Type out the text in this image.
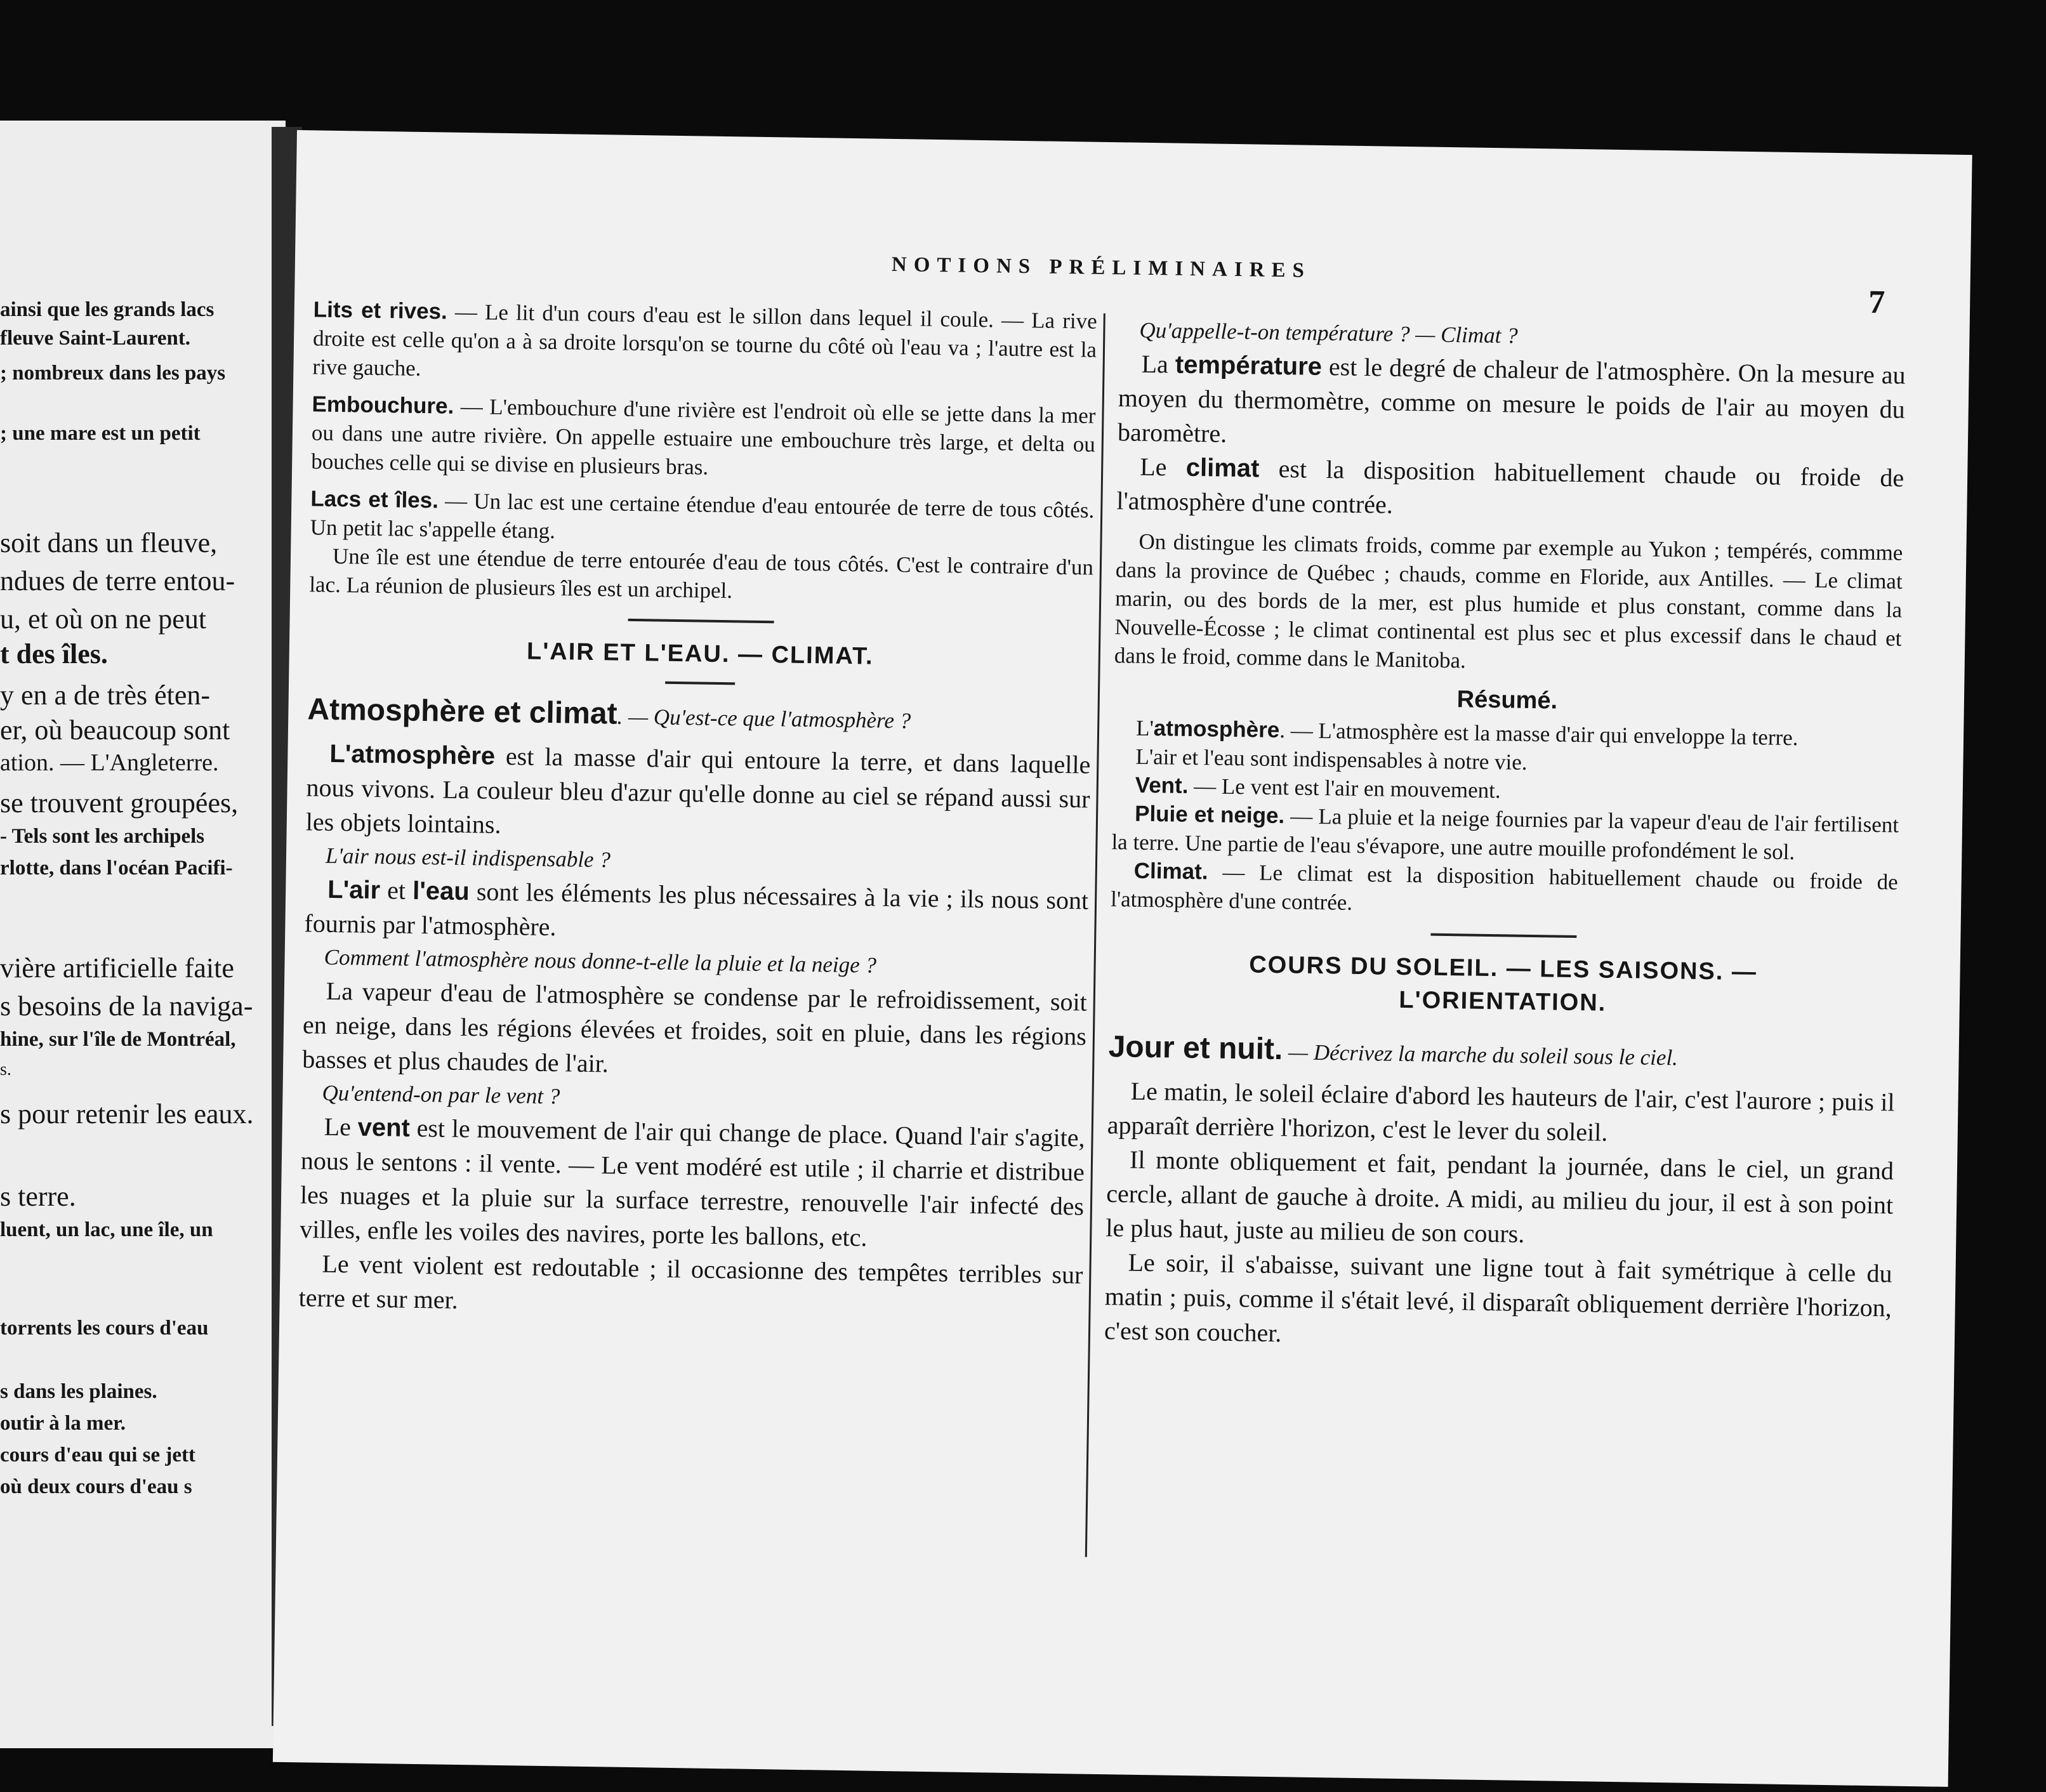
ainsi que les grands lacs
fleuve Saint-Laurent.
; nombreux dans les pays
; une mare est un petit
soit dans un fleuve,
ndues de terre entou-
u, et où on ne peut
t des îles.
y en a de très éten-
er, où beaucoup sont
ation. — L'Angleterre.
se trouvent groupées,
- Tels sont les archipels
rlotte, dans l'océan Pacifi-
vière artificielle faite
s besoins de la naviga-
hine, sur l'île de Montréal,
s.
s pour retenir les eaux.
s terre.
luent, un lac, une île, un
torrents les cours d'eau
s dans les plaines.
outir à la mer.
cours d'eau qui se jett
où deux cours d'eau s
NOTIONS PRÉLIMINAIRES
7

Lits et rives. — Le lit d'un cours d'eau est le sillon dans lequel il coule. — La rive droite est celle qu'on a à sa droite lorsqu'on se tourne du côté où l'eau va ; l'autre est la rive gauche.

Embouchure. — L'embouchure d'une rivière est l'endroit où elle se jette dans la mer ou dans une autre rivière. On appelle estuaire une embouchure très large, et delta ou bouches celle qui se divise en plusieurs bras.

Lacs et îles. — Un lac est une certaine étendue d'eau entourée de terre de tous côtés. Un petit lac s'appelle étang.

Une île est une étendue de terre entourée d'eau de tous côtés. C'est le contraire d'un lac. La réunion de plusieurs îles est un archipel.

L'AIR ET L'EAU. — CLIMAT.

Atmosphère et climat. — Qu'est-ce que l'atmosphère ?

L'atmosphère est la masse d'air qui entoure la terre, et dans laquelle nous vivons. La couleur bleu d'azur qu'elle donne au ciel se répand aussi sur les objets lointains.

L'air nous est-il indispensable ?

L'air et l'eau sont les éléments les plus nécessaires à la vie ; ils nous sont fournis par l'atmosphère.

Comment l'atmosphère nous donne-t-elle la pluie et la neige ?

La vapeur d'eau de l'atmosphère se condense par le refroidissement, soit en neige, dans les régions élevées et froides, soit en pluie, dans les régions basses et plus chaudes de l'air.

Qu'entend-on par le vent ?

Le vent est le mouvement de l'air qui change de place. Quand l'air s'agite, nous le sentons : il vente. — Le vent modéré est utile ; il charrie et distribue les nuages et la pluie sur la surface terrestre, renouvelle l'air infecté des villes, enfle les voiles des navires, porte les ballons, etc.

Le vent violent est redoutable ; il occasionne des tempêtes terribles sur terre et sur mer.

Qu'appelle-t-on température ? — Climat ?

La température est le degré de chaleur de l'atmosphère. On la mesure au moyen du thermomètre, comme on mesure le poids de l'air au moyen du baromètre.

Le climat est la disposition habituellement chaude ou froide de l'atmosphère d'une contrée.

On distingue les climats froids, comme par exemple au Yukon ; tempérés, commme dans la province de Québec ; chauds, comme en Floride, aux Antilles. — Le climat marin, ou des bords de la mer, est plus humide et plus constant, comme dans la Nouvelle-Écosse ; le climat continental est plus sec et plus excessif dans le chaud et dans le froid, comme dans le Manitoba.

Résumé.

L'atmosphère. — L'atmosphère est la masse d'air qui enveloppe la terre.

L'air et l'eau sont indispensables à notre vie.

Vent. — Le vent est l'air en mouvement.

Pluie et neige. — La pluie et la neige fournies par la vapeur d'eau de l'air fertilisent la terre. Une partie de l'eau s'évapore, une autre mouille profondément le sol.

Climat. — Le climat est la disposition habituellement chaude ou froide de l'atmosphère d'une contrée.

COURS DU SOLEIL. — LES SAISONS. —
L'ORIENTATION.

Jour et nuit. — Décrivez la marche du soleil sous le ciel.

Le matin, le soleil éclaire d'abord les hauteurs de l'air, c'est l'aurore ; puis il apparaît derrière l'horizon, c'est le lever du soleil.

Il monte obliquement et fait, pendant la journée, dans le ciel, un grand cercle, allant de gauche à droite. A midi, au milieu du jour, il est à son point le plus haut, juste au milieu de son cours.

Le soir, il s'abaisse, suivant une ligne tout à fait symétrique à celle du matin ; puis, comme il s'était levé, il disparaît obliquement derrière l'horizon, c'est son coucher.
